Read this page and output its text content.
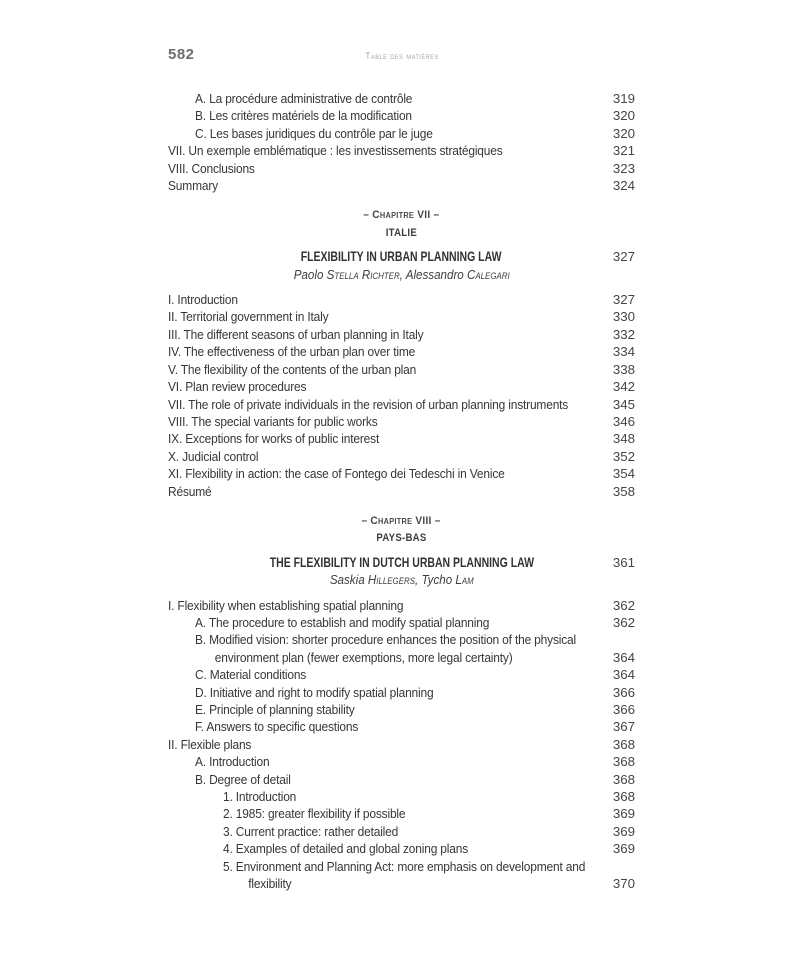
582	Table des matières
A. La procédure administrative de contrôle	319
B. Les critères matériels de la modification	320
C. Les bases juridiques du contrôle par le juge	320
VII. Un exemple emblématique : les investissements stratégiques	321
VIII. Conclusions	323
Summary	324
– Chapitre VII –
ITALIE
FLEXIBILITY IN URBAN PLANNING LAW	327
Paolo Stella Richter, Alessandro Calegari
I. Introduction	327
II. Territorial government in Italy	330
III. The different seasons of urban planning in Italy	332
IV. The effectiveness of the urban plan over time	334
V. The flexibility of the contents of the urban plan	338
VI. Plan review procedures	342
VII. The role of private individuals in the revision of urban planning instruments	345
VIII. The special variants for public works	346
IX. Exceptions for works of public interest	348
X. Judicial control	352
XI. Flexibility in action: the case of Fontego dei Tedeschi in Venice	354
Résumé	358
– Chapitre VIII –
PAYS-BAS
THE FLEXIBILITY IN DUTCH URBAN PLANNING LAW	361
Saskia Hillegers, Tycho Lam
I. Flexibility when establishing spatial planning	362
A. The procedure to establish and modify spatial planning	362
B. Modified vision: shorter procedure enhances the position of the physical
environment plan (fewer exemptions, more legal certainty)	364
C. Material conditions	364
D. Initiative and right to modify spatial planning	366
E. Principle of planning stability	366
F. Answers to specific questions	367
II. Flexible plans	368
A. Introduction	368
B. Degree of detail	368
1. Introduction	368
2. 1985: greater flexibility if possible	369
3. Current practice: rather detailed	369
4. Examples of detailed and global zoning plans	369
5. Environment and Planning Act: more emphasis on development and
flexibility	370
